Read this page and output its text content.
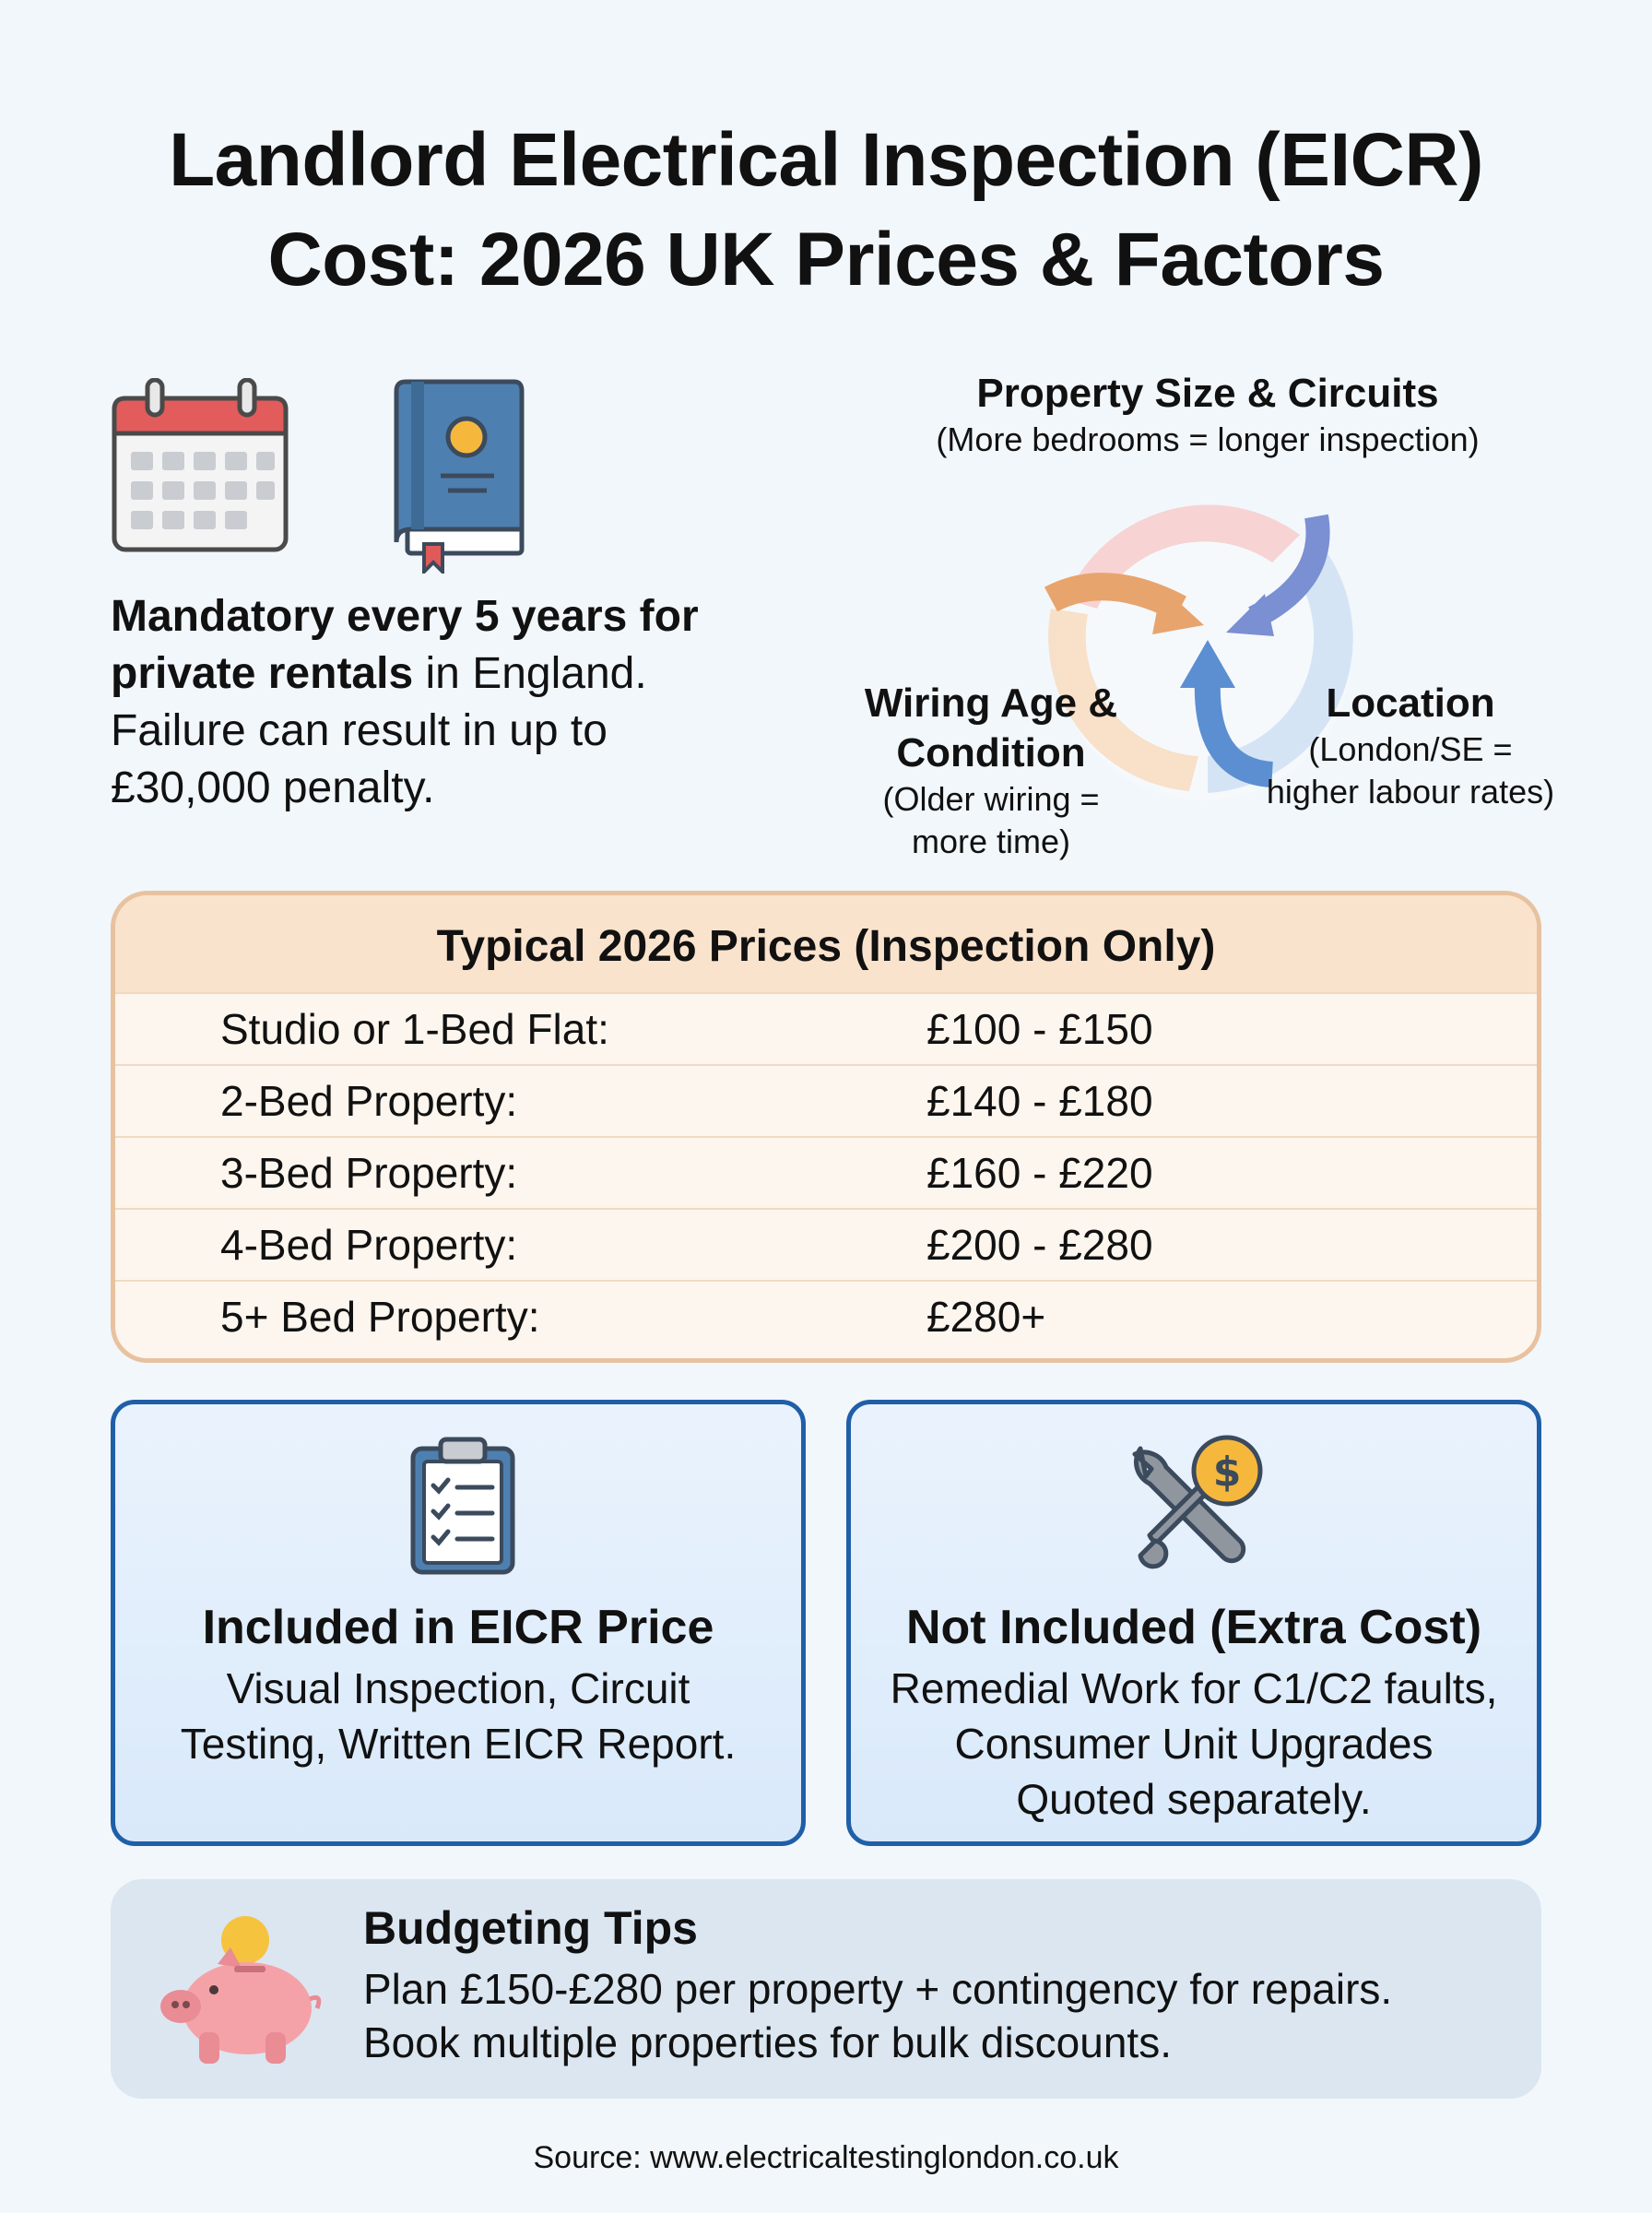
Landlord Electrical Inspection (EICR)
Cost: 2026 UK Prices & Factors
Mandatory every 5 years for
private rentals in England.
Failure can result in up to
£30,000 penalty.
Property Size & Circuits
(More bedrooms = longer inspection)
Wiring Age &
Condition
(Older wiring =
more time)
Location
(London/SE =
higher labour rates)
Typical 2026 Prices (Inspection Only)
Studio or 1-Bed Flat:	£100 - £150
2-Bed Property:	£140 - £180
3-Bed Property:	£160 - £220
4-Bed Property:	£200 - £280
5+ Bed Property:	£280+
Included in EICR Price
Visual Inspection, Circuit
Testing, Written EICR Report.
$
Not Included (Extra Cost)
Remedial Work for C1/C2 faults,
Consumer Unit Upgrades
Quoted separately.
Budgeting Tips
Plan £150-£280 per property + contingency for repairs.
Book multiple properties for bulk discounts.
Source: www.electricaltestinglondon.co.uk
